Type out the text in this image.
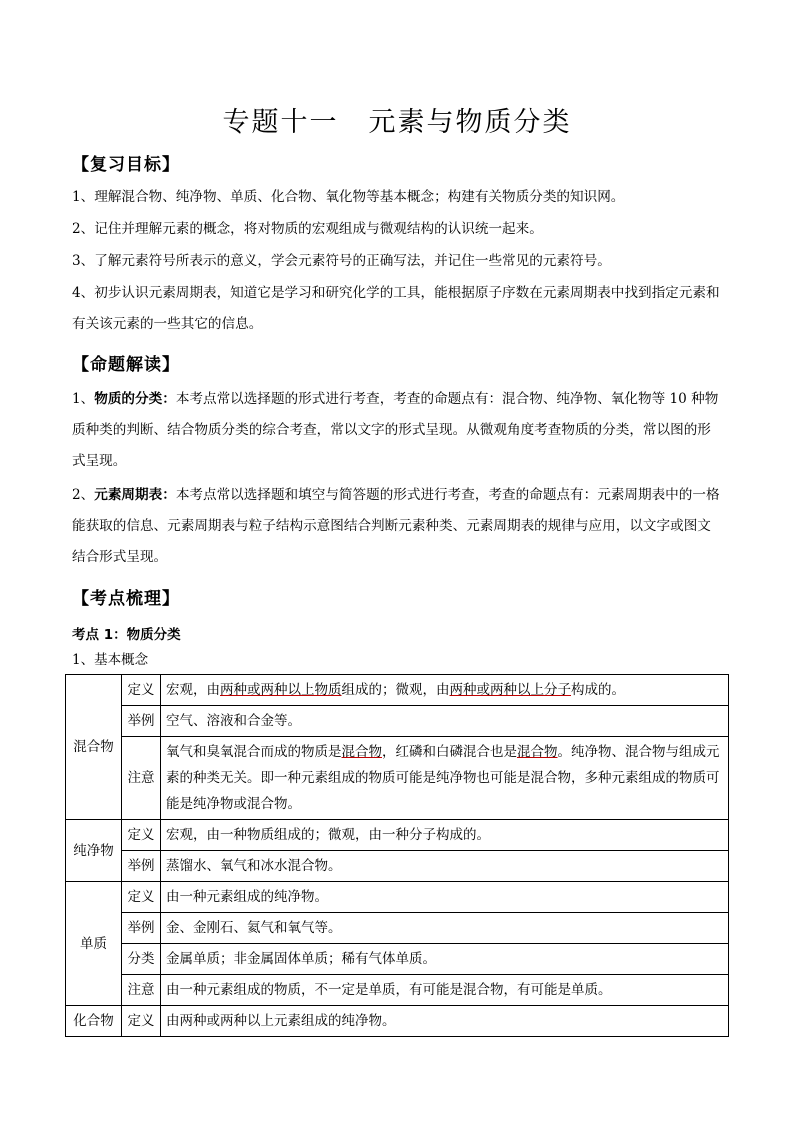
专题十一 元素与物质分类
【复习目标】
1、理解混合物、纯净物、单质、化合物、氧化物等基本概念；构建有关物质分类的知识网。
2、记住并理解元素的概念，将对物质的宏观组成与微观结构的认识统一起来。
3、了解元素符号所表示的意义，学会元素符号的正确写法，并记住一些常见的元素符号。
4、初步认识元素周期表，知道它是学习和研究化学的工具，能根据原子序数在元素周期表中找到指定元素和有关该元素的一些其它的信息。
【命题解读】
1、物质的分类：本考点常以选择题的形式进行考查，考查的命题点有：混合物、纯净物、氧化物等 10 种物质种类的判断、结合物质分类的综合考查，常以文字的形式呈现。从微观角度考查物质的分类，常以图的形式呈现。
2、元素周期表：本考点常以选择题和填空与简答题的形式进行考查，考查的命题点有：元素周期表中的一格能获取的信息、元素周期表与粒子结构示意图结合判断元素种类、元素周期表的规律与应用，以文字或图文结合形式呈现。
【考点梳理】
考点 1：物质分类
1、基本概念
混合物	定义	宏观，由两种或两种以上物质组成的；微观，由两种或两种以上分子构成的。
	举例	空气、溶液和合金等。
	注意	氧气和臭氧混合而成的物质是混合物，红磷和白磷混合也是混合物。纯净物、混合物与组成元素的种类无关。即一种元素组成的物质可能是纯净物也可能是混合物，多种元素组成的物质可能是纯净物或混合物。
纯净物	定义	宏观，由一种物质组成的；微观，由一种分子构成的。
	举例	蒸馏水、氧气和冰水混合物。
单质	定义	由一种元素组成的纯净物。
	举例	金、金刚石、氦气和氧气等。
	分类	金属单质；非金属固体单质；稀有气体单质。
	注意	由一种元素组成的物质，不一定是单质，有可能是混合物，有可能是单质。
化合物	定义	由两种或两种以上元素组成的纯净物。
